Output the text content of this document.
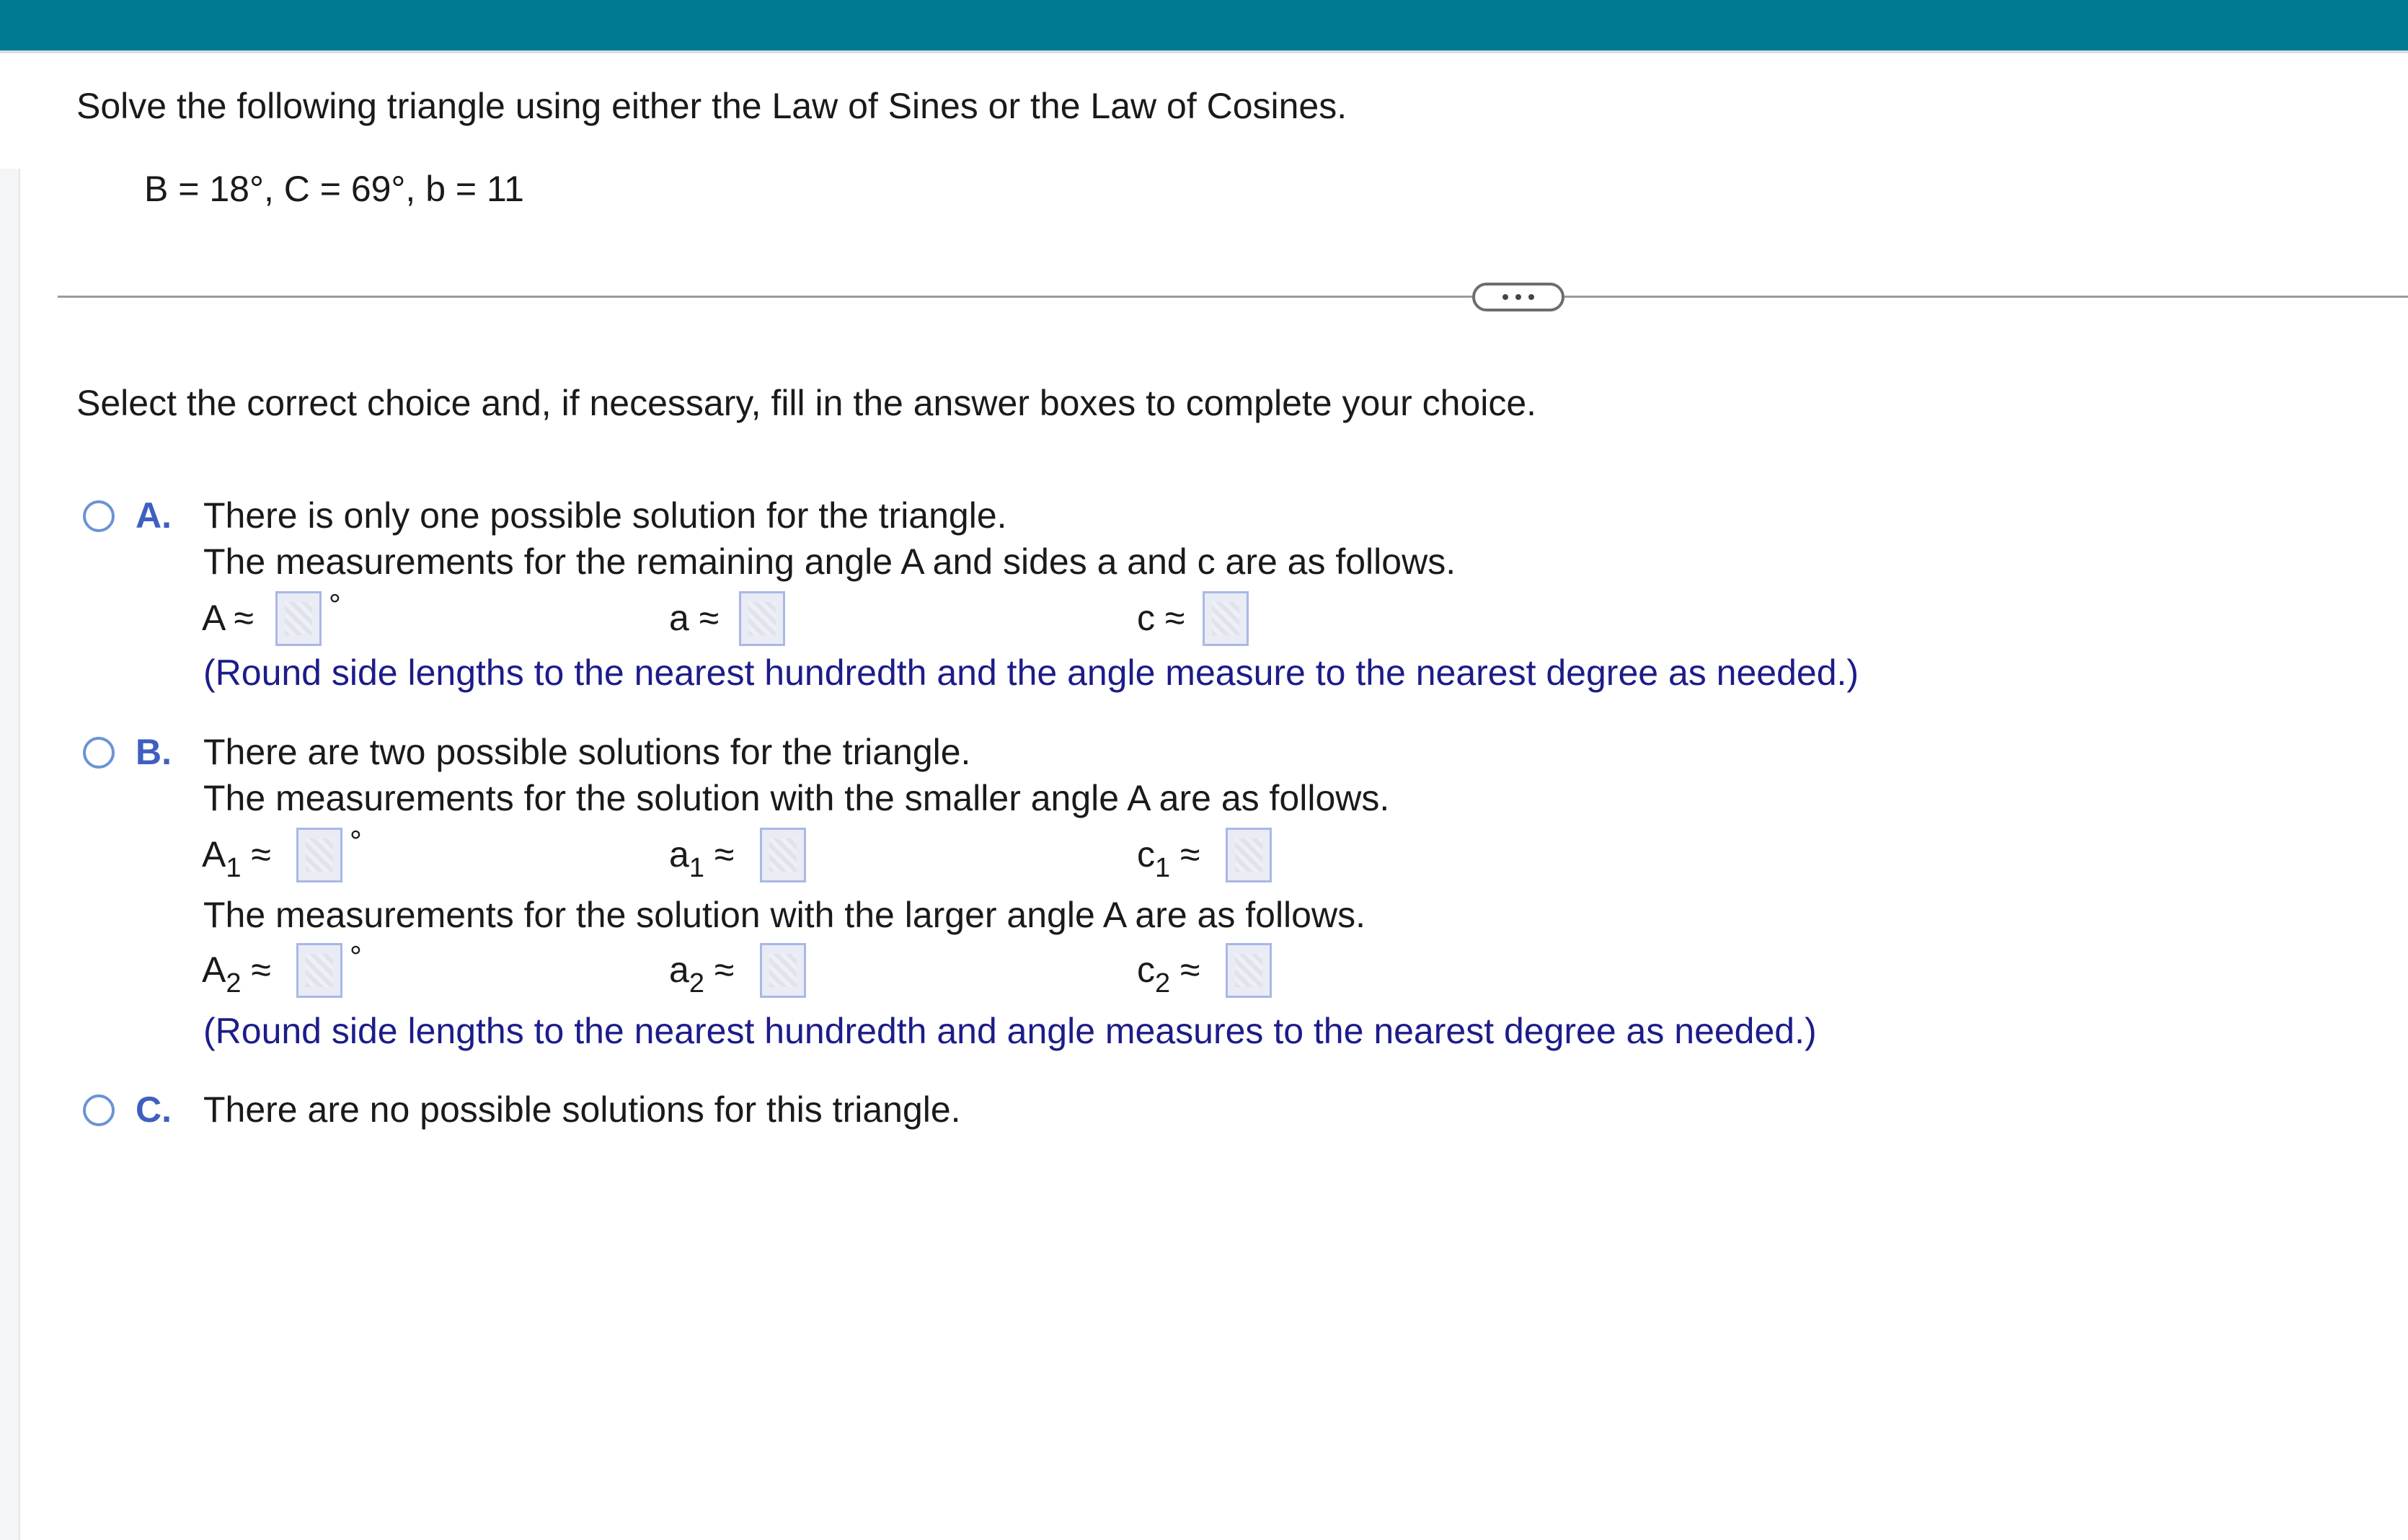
Solve the following triangle using either the Law of Sines or the Law of Cosines.
B = 18°, C = 69°, b = 11
Select the correct choice and, if necessary, fill in the answer boxes to complete your choice.
A. There is only one possible solution for the triangle.
The measurements for the remaining angle A and sides a and c are as follows.
A ≈ °	a ≈	c ≈
(Round side lengths to the nearest hundredth and the angle measure to the nearest degree as needed.)
B. There are two possible solutions for the triangle.
The measurements for the solution with the smaller angle A are as follows.
$A_1$ ≈	°	$a_1$ ≈	$c_1$ ≈
The measurements for the solution with the larger angle A are as follows.
$A_2$ ≈	°	$a_2$ ≈	$c_2$ ≈
(Round side lengths to the nearest hundredth and angle measures to the nearest degree as needed.)
C. There are no possible solutions for this triangle.
